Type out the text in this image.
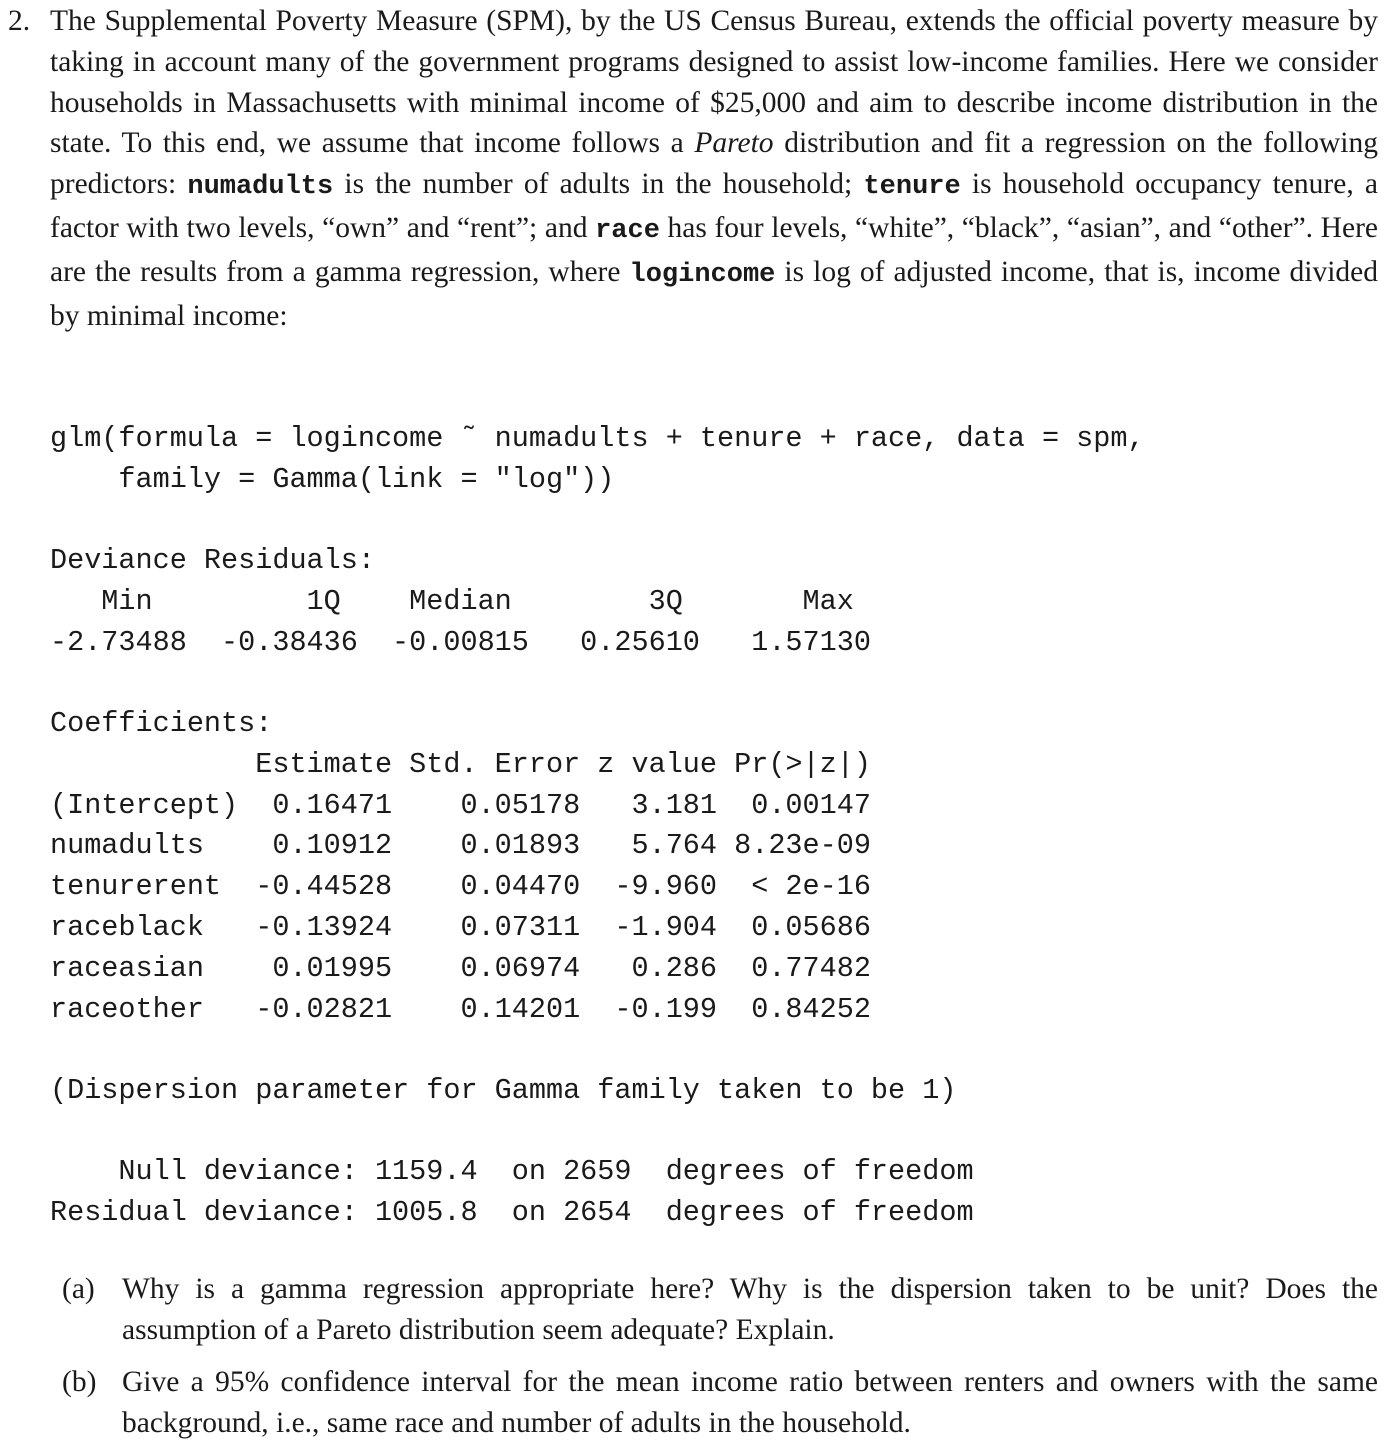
2. The Supplemental Poverty Measure (SPM), by the US Census Bureau, extends the official poverty measure by taking in account many of the government programs designed to assist low-income families. Here we consider households in Massachusetts with minimal income of $25,000 and aim to describe income distribution in the state. To this end, we assume that income follows a Pareto distribution and fit a regression on the following predictors: numadults is the number of adults in the household; tenure is household occupancy tenure, a factor with two levels, “own” and “rent”; and race has four levels, “white”, “black”, “asian”, and “other”. Here are the results from a gamma regression, where logincome is log of adjusted income, that is, income divided by minimal income:
glm(formula = logincome ˜ numadults + tenure + race, data = spm,
family = Gamma(link = "log"))
Deviance Residuals:
Min         1Q    Median        3Q       Max
-2.73488  -0.38436  -0.00815   0.25610   1.57130
Coefficients:
Estimate Std. Error z value Pr(>|z|)
(Intercept)  0.16471    0.05178   3.181  0.00147
numadults    0.10912    0.01893   5.764 8.23e-09
tenurerent  -0.44528    0.04470  -9.960  < 2e-16
raceblack   -0.13924    0.07311  -1.904  0.05686
raceasian    0.01995    0.06974   0.286  0.77482
raceother   -0.02821    0.14201  -0.199  0.84252
(Dispersion parameter for Gamma family taken to be 1)
Null deviance: 1159.4  on 2659  degrees of freedom
Residual deviance: 1005.8  on 2654  degrees of freedom
(a) Why is a gamma regression appropriate here? Why is the dispersion taken to be unit? Does the assumption of a Pareto distribution seem adequate? Explain.
(b) Give a 95% confidence interval for the mean income ratio between renters and owners with the same background, i.e., same race and number of adults in the household.
